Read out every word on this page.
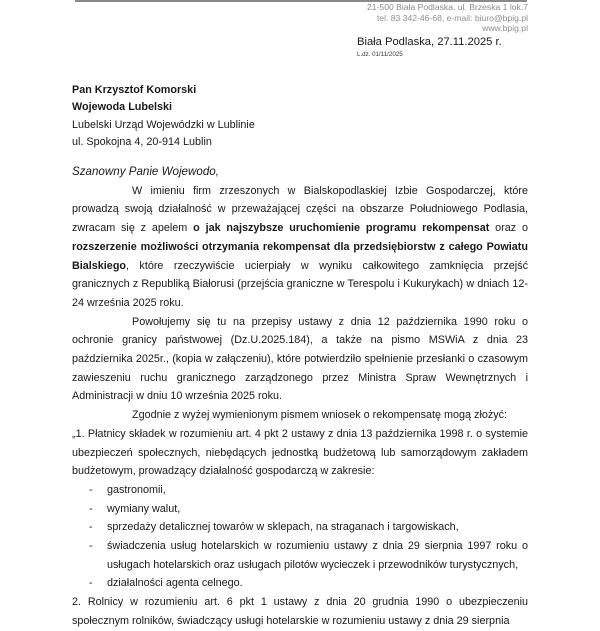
21-500 Biała Podlaska, ul. Brzeska 1 lok.7
tel. 83 342-46-68, e-mail: biuro@bpig.pl
www.bpig.pl
Biała Podlaska, 27.11.2025 r.
L.dz. 01/11/2025
Pan Krzysztof Komorski
Wojewoda Lubelski
Lubelski Urząd Wojewódzki w Lublinie
ul. Spokojna 4, 20-914 Lublin
Szanowny Panie Wojewodo,

W imieniu firm zrzeszonych w Bialskopodlaskiej Izbie Gospodarczej, które prowadzą swoją działalność w przeważającej części na obszarze Południowego Podlasia, zwracam się z apelem o jak najszybsze uruchomienie programu rekompensat oraz o rozszerzenie możliwości otrzymania rekompensat dla przedsiębiorstw z całego Powiatu Bialskiego, które rzeczywiście ucierpiały w wyniku całkowitego zamknięcia przejść granicznych z Republiką Białorusi (przejścia graniczne w Terespolu i Kukurykach) w dniach 12-24 września 2025 roku.

Powołujemy się tu na przepisy ustawy z dnia 12 października 1990 roku o ochronie granicy państwowej (Dz.U.2025.184), a także na pismo MSWiA z dnia 23 października 2025r., (kopia w załączeniu), które potwierdziło spełnienie przesłanki o czasowym zawieszeniu ruchu granicznego zarządzonego przez Ministra Spraw Wewnętrznych i Administracji w dniu 10 września 2025 roku.

Zgodnie z wyżej wymienionym pismem wniosek o rekompensatę mogą złożyć:

„1. Płatnicy składek w rozumieniu art. 4 pkt 2 ustawy z dnia 13 października 1998 r. o systemie ubezpieczeń społecznych, niebędących jednostką budżetową lub samorządowym zakładem budżetowym, prowadzący działalność gospodarczą w zakresie:

- gastronomii,
- wymiany walut,
- sprzedaży detalicznej towarów w sklepach, na straganach i targowiskach,
- świadczenia usług hotelarskich w rozumieniu ustawy z dnia 29 sierpnia 1997 roku o usługach hotelarskich oraz usługach pilotów wycieczek i przewodników turystycznych,
- działalności agenta celnego.

2. Rolnicy w rozumieniu art. 6 pkt 1 ustawy z dnia 20 grudnia 1990 o ubezpieczeniu społecznym rolników, świadczący usługi hotelarskie w rozumieniu ustawy z dnia 29 sierpnia
